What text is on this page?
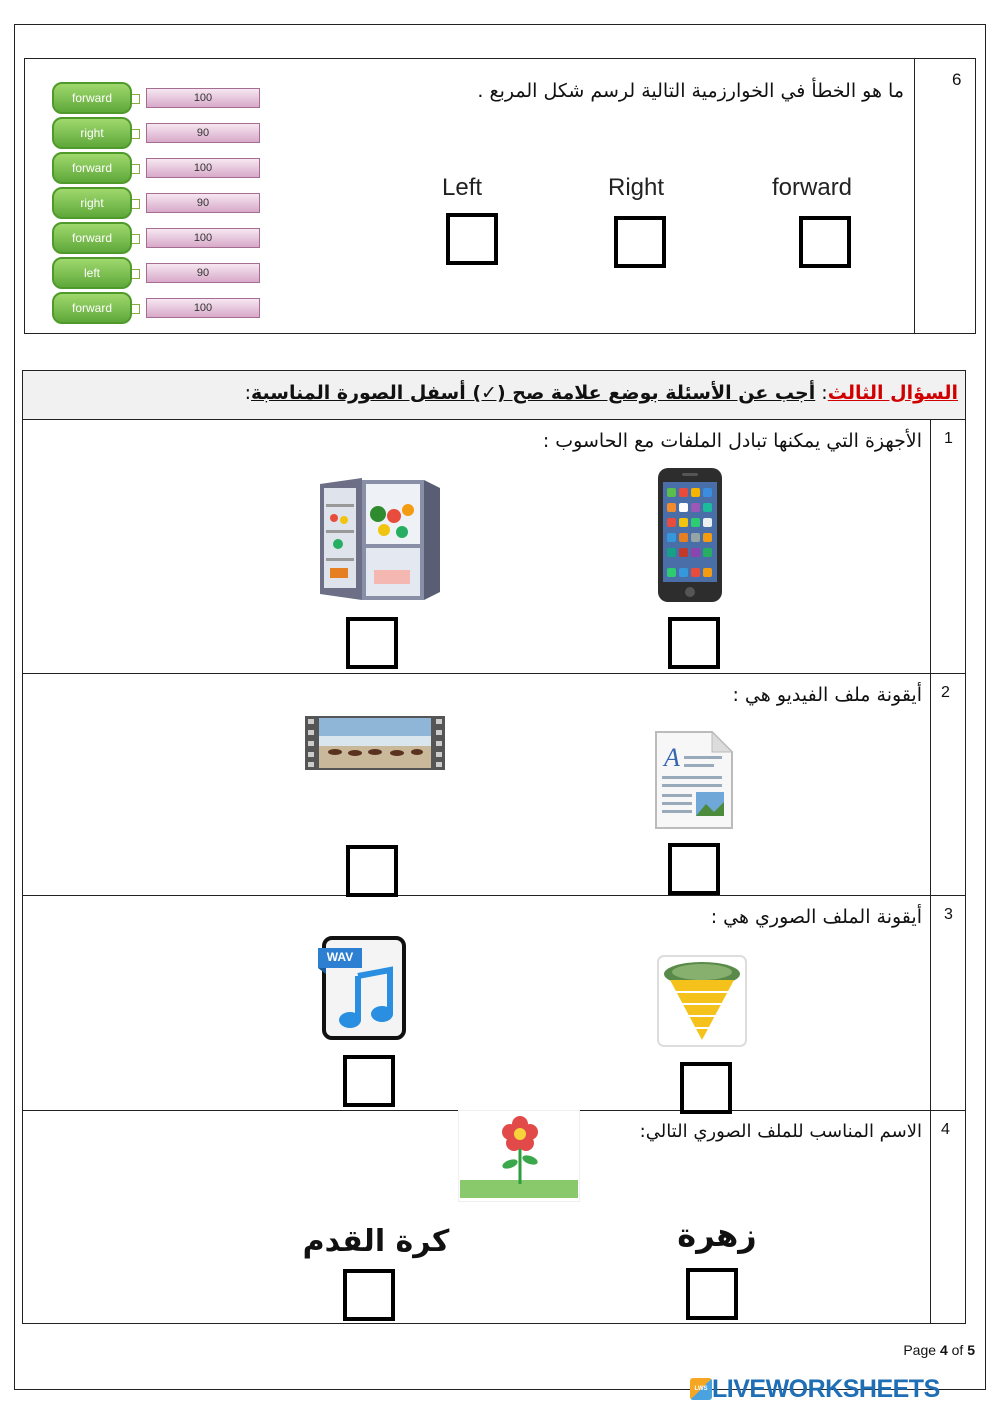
6
ما هو الخطأ في الخوارزمية التالية لرسم شكل المربع .
forward	100
right	90
forward	100
right	90
forward	100
left	90
forward	100
Left	Right	forward
السؤال الثالث: أجب عن الأسئلة بوضع علامة صح (✓) أسفل الصورة المناسبة:
1
الأجهزة التي يمكنها تبادل الملفات مع الحاسوب :
2
أيقونة ملف الفيديو هي :
A
3
أيقونة الملف الصوري هي :
WAV
4
الاسم المناسب للملف الصوري التالي:
زهرة
كرة القدم
Page 4 of 5
LWS LIVEWORKSHEETS
